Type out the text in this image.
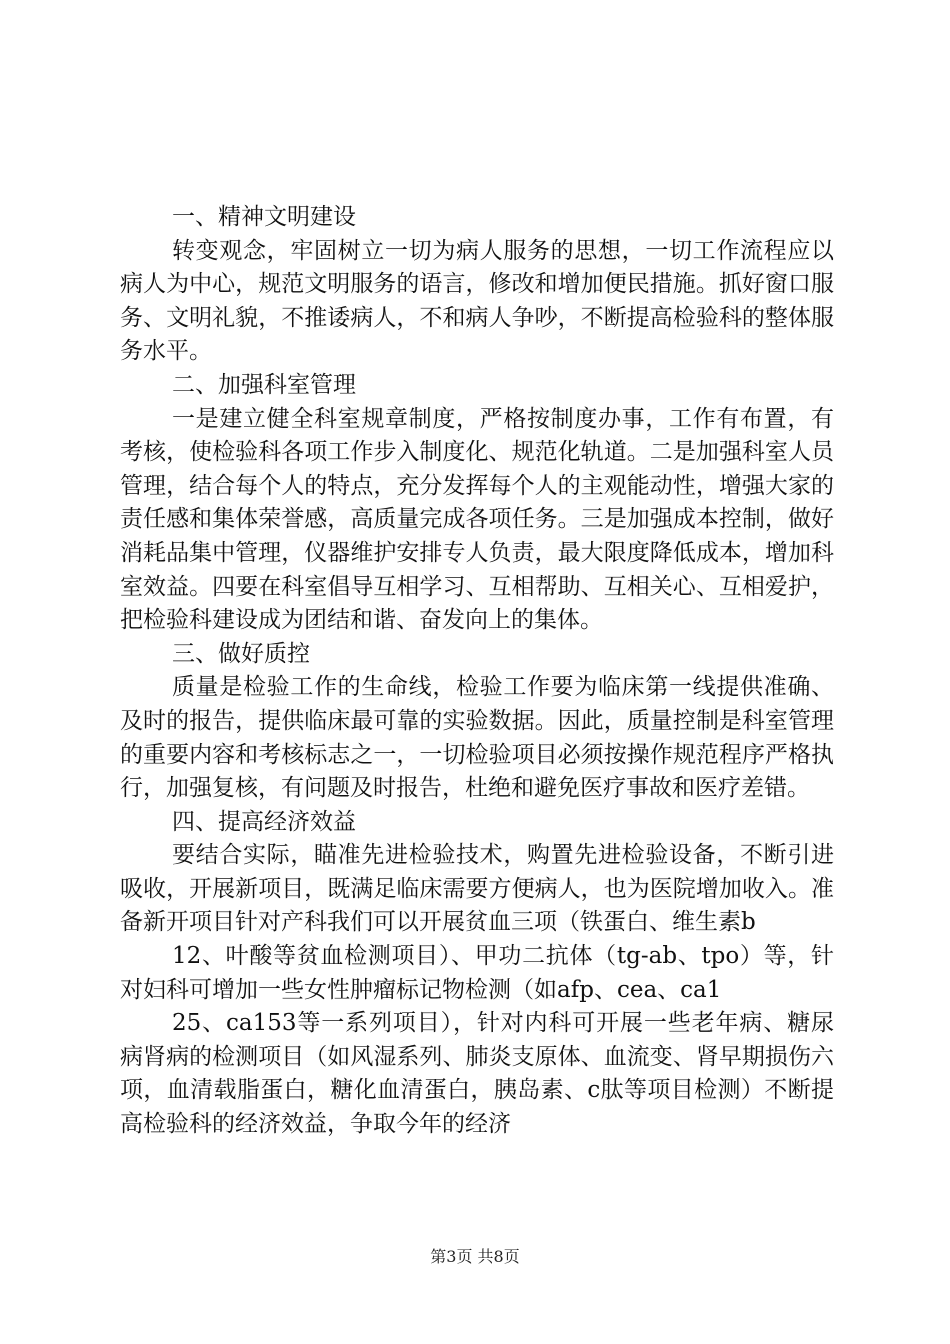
一、精神文明建设

转变观念，牢固树立一切为病人服务的思想，一切工作流程应以病人为中心，规范文明服务的语言，修改和增加便民措施。抓好窗口服务、文明礼貌，不推诿病人，不和病人争吵，不断提高检验科的整体服务水平。

二、加强科室管理

一是建立健全科室规章制度，严格按制度办事，工作有布置，有考核，使检验科各项工作步入制度化、规范化轨道。二是加强科室人员管理，结合每个人的特点，充分发挥每个人的主观能动性，增强大家的责任感和集体荣誉感，高质量完成各项任务。三是加强成本控制，做好消耗品集中管理，仪器维护安排专人负责，最大限度降低成本，增加科室效益。四要在科室倡导互相学习、互相帮助、互相关心、互相爱护，把检验科建设成为团结和谐、奋发向上的集体。

三、做好质控

质量是检验工作的生命线，检验工作要为临床第一线提供准确、及时的报告，提供临床最可靠的实验数据。因此，质量控制是科室管理的重要内容和考核标志之一，一切检验项目必须按操作规范程序严格执行，加强复核，有问题及时报告，杜绝和避免医疗事故和医疗差错。

四、提高经济效益

要结合实际，瞄准先进检验技术，购置先进检验设备，不断引进吸收，开展新项目，既满足临床需要方便病人，也为医院增加收入。准备新开项目针对产科我们可以开展贫血三项（铁蛋白、维生素b

12、叶酸等贫血检测项目）、甲功二抗体（tg-ab、tpo）等，针对妇科可增加一些女性肿瘤标记物检测（如afp、cea、ca1

25、ca153等一系列项目），针对内科可开展一些老年病、糖尿病肾病的检测项目（如风湿系列、肺炎支原体、血流变、肾早期损伤六项，血清载脂蛋白，糖化血清蛋白，胰岛素、c肽等项目检测）不断提高检验科的经济效益，争取今年的经济

第3页 共8页
